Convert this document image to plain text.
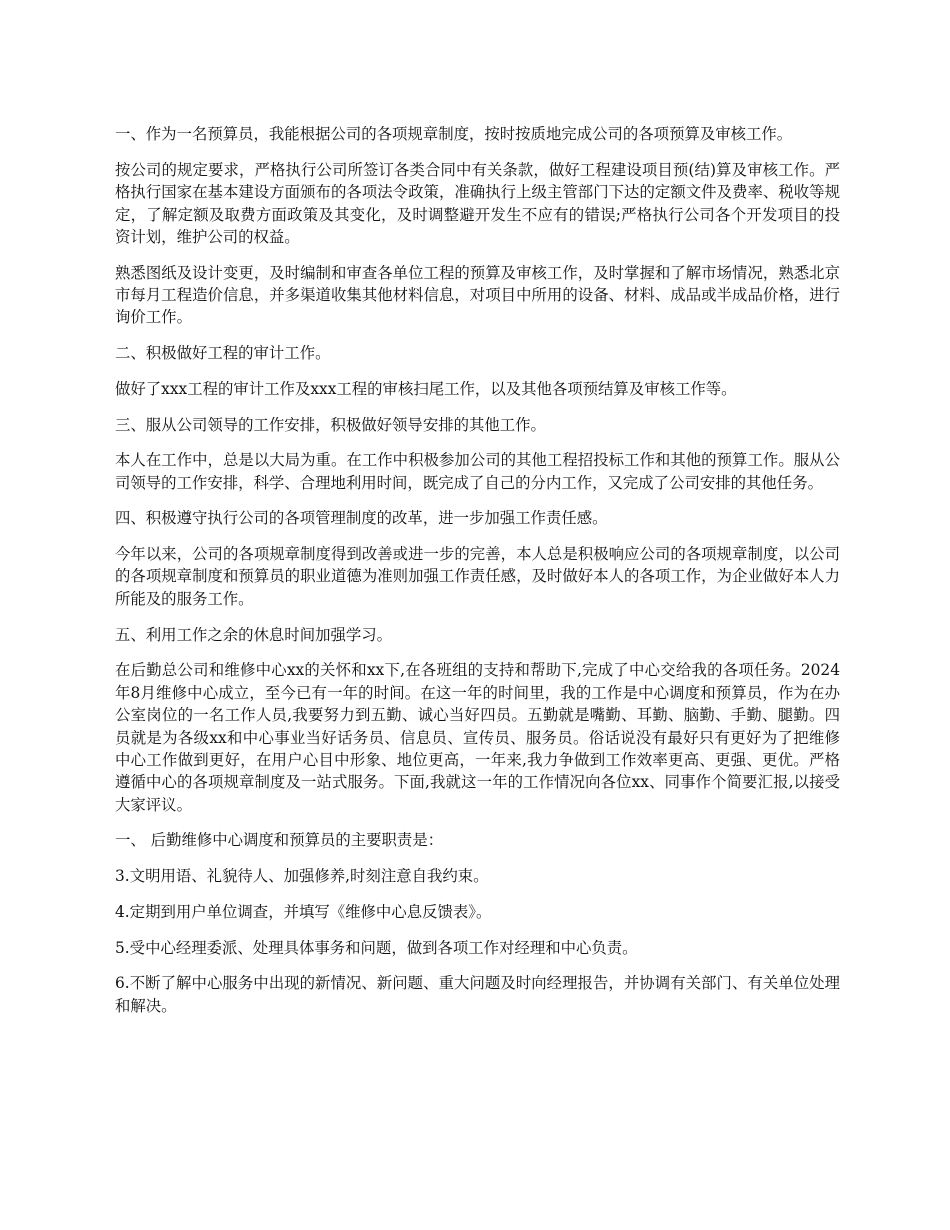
一、作为一名预算员，我能根据公司的各项规章制度，按时按质地完成公司的各项预算及审核工作。

按公司的规定要求，严格执行公司所签订各类合同中有关条款，做好工程建设项目预(结)算及审核工作。严格执行国家在基本建设方面颁布的各项法令政策，准确执行上级主管部门下达的定额文件及费率、税收等规定，了解定额及取费方面政策及其变化，及时调整避开发生不应有的错误;严格执行公司各个开发项目的投资计划，维护公司的权益。

熟悉图纸及设计变更，及时编制和审查各单位工程的预算及审核工作，及时掌握和了解市场情况，熟悉北京市每月工程造价信息，并多渠道收集其他材料信息，对项目中所用的设备、材料、成品或半成品价格，进行询价工作。

二、积极做好工程的审计工作。

做好了xxx工程的审计工作及xxx工程的审核扫尾工作，以及其他各项预结算及审核工作等。

三、服从公司领导的工作安排，积极做好领导安排的其他工作。

本人在工作中，总是以大局为重。在工作中积极参加公司的其他工程招投标工作和其他的预算工作。服从公司领导的工作安排，科学、合理地利用时间，既完成了自己的分内工作，又完成了公司安排的其他任务。

四、积极遵守执行公司的各项管理制度的改革，进一步加强工作责任感。

今年以来，公司的各项规章制度得到改善或进一步的完善，本人总是积极响应公司的各项规章制度，以公司的各项规章制度和预算员的职业道德为准则加强工作责任感，及时做好本人的各项工作，为企业做好本人力所能及的服务工作。

五、利用工作之余的休息时间加强学习。

在后勤总公司和维修中心xx的关怀和xx下,在各班组的支持和帮助下,完成了中心交给我的各项任务。2024年8月维修中心成立，至今已有一年的时间。在这一年的时间里，我的工作是中心调度和预算员，作为在办公室岗位的一名工作人员,我要努力到五勤、诚心当好四员。五勤就是嘴勤、耳勤、脑勤、手勤、腿勤。四员就是为各级xx和中心事业当好话务员、信息员、宣传员、服务员。俗话说没有最好只有更好为了把维修中心工作做到更好，在用户心目中形象、地位更高，一年来,我力争做到工作效率更高、更强、更优。严格遵循中心的各项规章制度及一站式服务。下面,我就这一年的工作情况向各位xx、同事作个简要汇报,以接受大家评议。

一、 后勤维修中心调度和预算员的主要职责是：

3.文明用语、礼貌待人、加强修养,时刻注意自我约束。

4.定期到用户单位调查，并填写《维修中心息反馈表》。

5.受中心经理委派、处理具体事务和问题，做到各项工作对经理和中心负责。

6.不断了解中心服务中出现的新情况、新问题、重大问题及时向经理报告，并协调有关部门、有关单位处理和解决。
